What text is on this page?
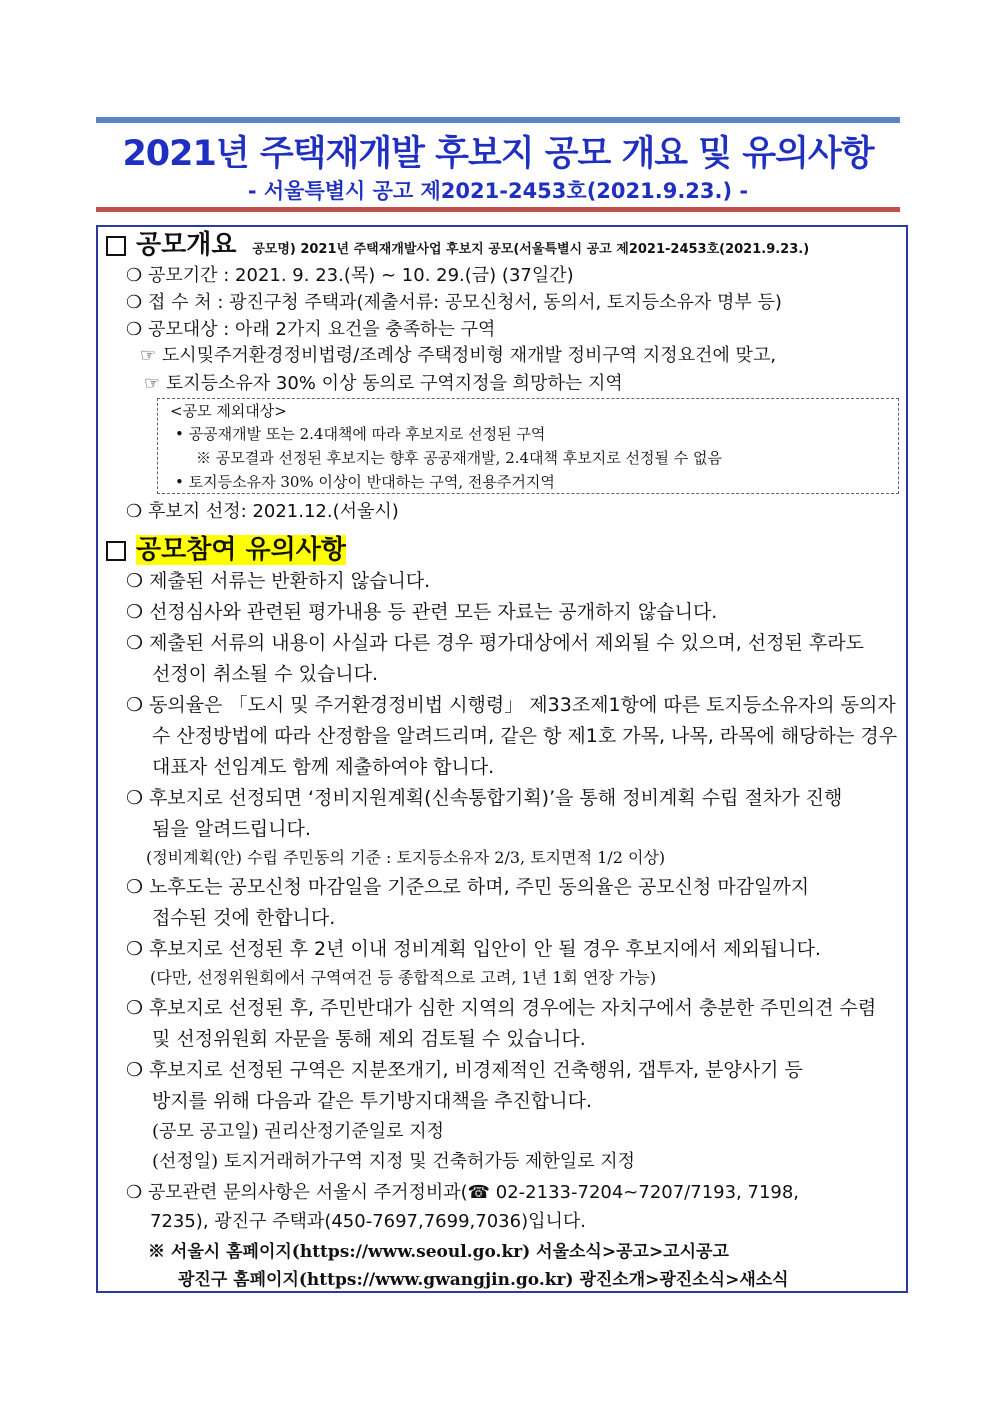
2021년 주택재개발 후보지 공모 개요 및 유의사항
- 서울특별시 공고 제2021-2453호(2021.9.23.) -
공모개요 공모명) 2021년 주택재개발사업 후보지 공모(서울특별시 공고 제2021-2453호(2021.9.23.)
❍ 공모기간 : 2021. 9. 23.(목) ~ 10. 29.(금) (37일간)
❍ 접 수 처 : 광진구청 주택과(제출서류: 공모신청서, 동의서, 토지등소유자 명부 등)
❍ 공모대상 : 아래 2가지 요건을 충족하는 구역
☞ 도시및주거환경정비법령/조례상 주택정비형 재개발 정비구역 지정요건에 맞고,
☞ 토지등소유자 30% 이상 동의로 구역지정을 희망하는 지역
<공모 제외대상>
• 공공재개발 또는 2.4대책에 따라 후보지로 선정된 구역
※ 공모결과 선정된 후보지는 향후 공공재개발, 2.4대책 후보지로 선정될 수 없음
• 토지등소유자 30% 이상이 반대하는 구역, 전용주거지역
❍ 후보지 선정: 2021.12.(서울시)
공모참여 유의사항
❍ 제출된 서류는 반환하지 않습니다.
❍ 선정심사와 관련된 평가내용 등 관련 모든 자료는 공개하지 않습니다.
❍ 제출된 서류의 내용이 사실과 다른 경우 평가대상에서 제외될 수 있으며, 선정된 후라도
선정이 취소될 수 있습니다.
❍ 동의율은 「도시 및 주거환경정비법 시행령」 제33조제1항에 따른 토지등소유자의 동의자
수 산정방법에 따라 산정함을 알려드리며, 같은 항 제1호 가목, 나목, 라목에 해당하는 경우
대표자 선임계도 함께 제출하여야 합니다.
❍ 후보지로 선정되면 ‘정비지원계획(신속통합기획)’을 통해 정비계획 수립 절차가 진행
됨을 알려드립니다.
(정비계획(안) 수립 주민동의 기준 : 토지등소유자 2/3, 토지면적 1/2 이상)
❍ 노후도는 공모신청 마감일을 기준으로 하며, 주민 동의율은 공모신청 마감일까지
접수된 것에 한합니다.
❍ 후보지로 선정된 후 2년 이내 정비계획 입안이 안 될 경우 후보지에서 제외됩니다.
(다만, 선정위원회에서 구역여건 등 종합적으로 고려, 1년 1회 연장 가능)
❍ 후보지로 선정된 후, 주민반대가 심한 지역의 경우에는 자치구에서 충분한 주민의견 수렴
및 선정위원회 자문을 통해 제외 검토될 수 있습니다.
❍ 후보지로 선정된 구역은 지분쪼개기, 비경제적인 건축행위, 갭투자, 분양사기 등
방지를 위해 다음과 같은 투기방지대책을 추진합니다.
(공모 공고일) 권리산정기준일로 지정
(선정일) 토지거래허가구역 지정 및 건축허가등 제한일로 지정
❍ 공모관련 문의사항은 서울시 주거정비과(☎ 02-2133-7204~7207/7193, 7198,
7235), 광진구 주택과(450-7697,7699,7036)입니다.
※ 서울시 홈페이지(https://www.seoul.go.kr) 서울소식>공고>고시공고
광진구 홈페이지(https://www.gwangjin.go.kr) 광진소개>광진소식>새소식
